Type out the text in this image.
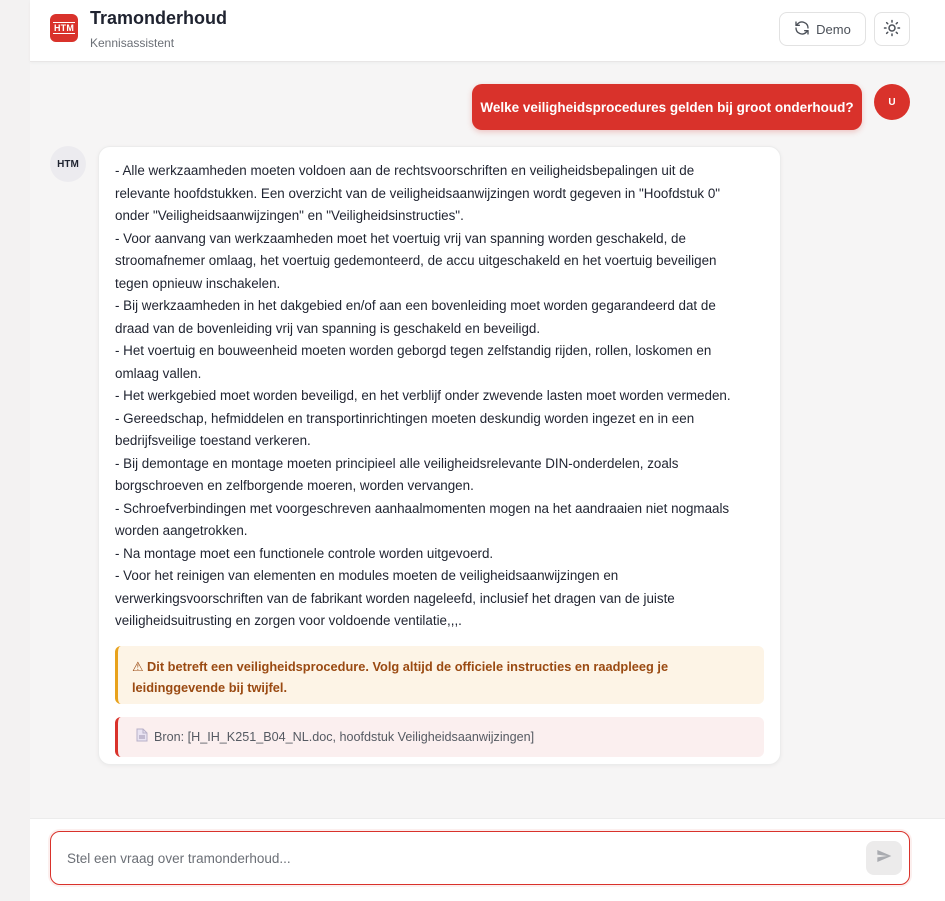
HTM Tramonderhoud
Kennisassistent
Demo
Welke veiligheidsprocedures gelden bij groot onderhoud?	U
HTM	- Alle werkzaamheden moeten voldoen aan de rechtsvoorschriften en veiligheidsbepalingen uit de
relevante hoofdstukken. Een overzicht van de veiligheidsaanwijzingen wordt gegeven in "Hoofdstuk 0"
onder "Veiligheidsaanwijzingen" en "Veiligheidsinstructies".
- Voor aanvang van werkzaamheden moet het voertuig vrij van spanning worden geschakeld, de
stroomafnemer omlaag, het voertuig gedemonteerd, de accu uitgeschakeld en het voertuig beveiligen
tegen opnieuw inschakelen.
- Bij werkzaamheden in het dakgebied en/of aan een bovenleiding moet worden gegarandeerd dat de
draad van de bovenleiding vrij van spanning is geschakeld en beveiligd.
- Het voertuig en bouweenheid moeten worden geborgd tegen zelfstandig rijden, rollen, loskomen en
omlaag vallen.
- Het werkgebied moet worden beveiligd, en het verblijf onder zwevende lasten moet worden vermeden.
- Gereedschap, hefmiddelen en transportinrichtingen moeten deskundig worden ingezet en in een
bedrijfsveilige toestand verkeren.
- Bij demontage en montage moeten principieel alle veiligheidsrelevante DIN-onderdelen, zoals
borgschroeven en zelfborgende moeren, worden vervangen.
- Schroefverbindingen met voorgeschreven aanhaalmomenten mogen na het aandraaien niet nogmaals
worden aangetrokken.
- Na montage moet een functionele controle worden uitgevoerd.
- Voor het reinigen van elementen en modules moeten de veiligheidsaanwijzingen en
verwerkingsvoorschriften van de fabrikant worden nageleefd, inclusief het dragen van de juiste
veiligheidsuitrusting en zorgen voor voldoende ventilatie,,,.
⚠ Dit betreft een veiligheidsprocedure. Volg altijd de officiele instructies en raadpleeg je leidinggevende bij twijfel.
Bron: [H_IH_K251_B04_NL.doc, hoofdstuk Veiligheidsaanwijzingen]
Stel een vraag over tramonderhoud...
